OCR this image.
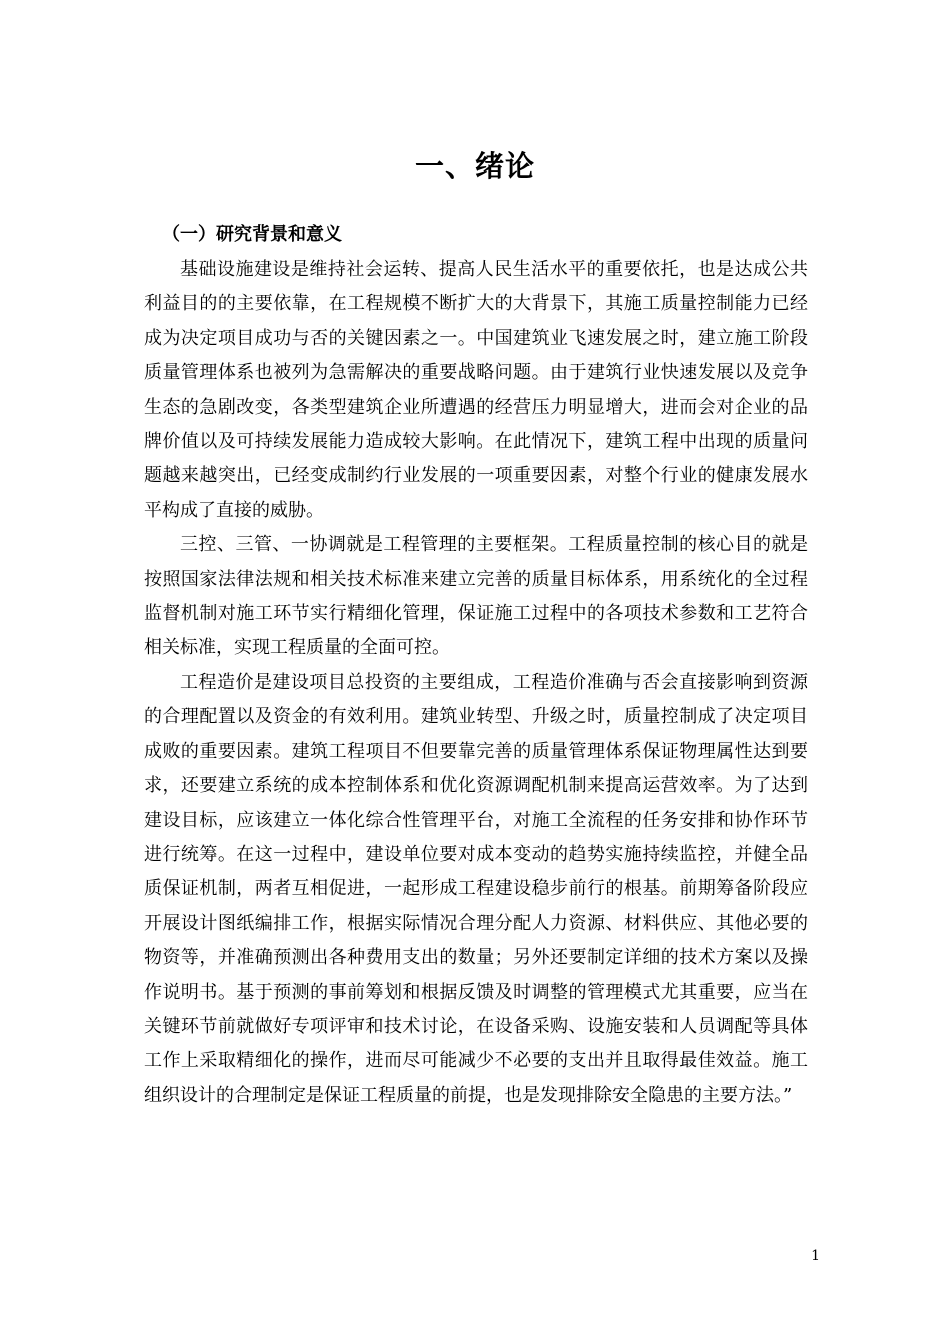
一、绪论
（一）研究背景和意义

基础设施建设是维持社会运转、提高人民生活水平的重要依托，也是达成公共利益目的的主要依靠，在工程规模不断扩大的大背景下，其施工质量控制能力已经成为决定项目成功与否的关键因素之一。中国建筑业飞速发展之时，建立施工阶段质量管理体系也被列为急需解决的重要战略问题。由于建筑行业快速发展以及竞争生态的急剧改变，各类型建筑企业所遭遇的经营压力明显增大，进而会对企业的品牌价值以及可持续发展能力造成较大影响。在此情况下，建筑工程中出现的质量问题越来越突出，已经变成制约行业发展的一项重要因素，对整个行业的健康发展水平构成了直接的威胁。

三控、三管、一协调就是工程管理的主要框架。工程质量控制的核心目的就是按照国家法律法规和相关技术标准来建立完善的质量目标体系，用系统化的全过程监督机制对施工环节实行精细化管理，保证施工过程中的各项技术参数和工艺符合相关标准，实现工程质量的全面可控。

工程造价是建设项目总投资的主要组成，工程造价准确与否会直接影响到资源的合理配置以及资金的有效利用。建筑业转型、升级之时，质量控制成了决定项目成败的重要因素。建筑工程项目不但要靠完善的质量管理体系保证物理属性达到要求，还要建立系统的成本控制体系和优化资源调配机制来提高运营效率。为了达到建设目标，应该建立一体化综合性管理平台，对施工全流程的任务安排和协作环节进行统筹。在这一过程中，建设单位要对成本变动的趋势实施持续监控，并健全品质保证机制，两者互相促进，一起形成工程建设稳步前行的根基。前期筹备阶段应开展设计图纸编排工作，根据实际情况合理分配人力资源、材料供应、其他必要的物资等，并准确预测出各种费用支出的数量；另外还要制定详细的技术方案以及操作说明书。基于预测的事前筹划和根据反馈及时调整的管理模式尤其重要，应当在关键环节前就做好专项评审和技术讨论，在设备采购、设施安装和人员调配等具体工作上采取精细化的操作，进而尽可能减少不必要的支出并且取得最佳效益。施工组织设计的合理制定是保证工程质量的前提，也是发现排除安全隐患的主要方法。”

1
